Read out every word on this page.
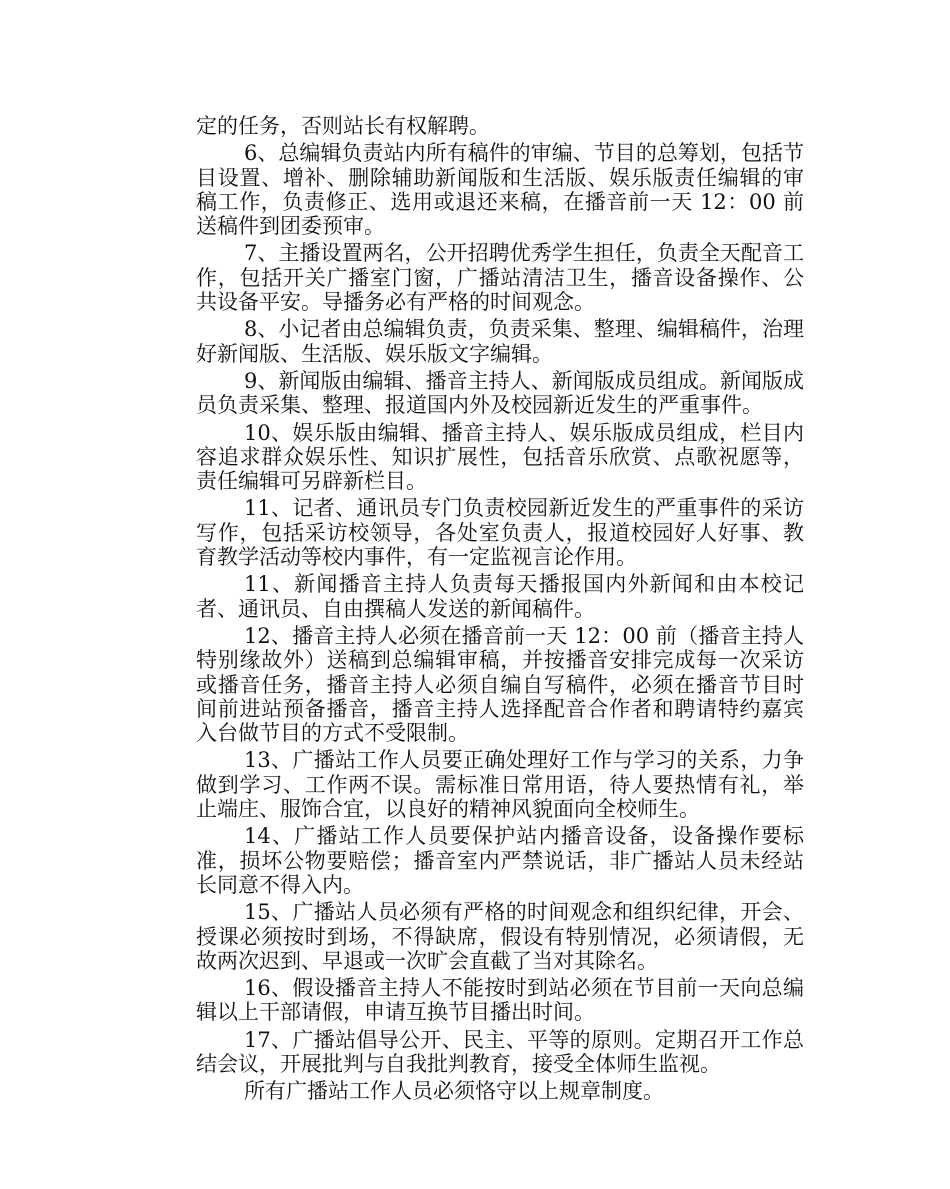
定的任务，否则站长有权解聘。

6、总编辑负责站内所有稿件的审编、节目的总筹划，包括节目设置、增补、删除辅助新闻版和生活版、娱乐版责任编辑的审稿工作，负责修正、选用或退还来稿，在播音前一天 12：00 前送稿件到团委预审。

7、主播设置两名，公开招聘优秀学生担任，负责全天配音工作，包括开关广播室门窗，广播站清洁卫生，播音设备操作、公共设备平安。导播务必有严格的时间观念。

8、小记者由总编辑负责，负责采集、整理、编辑稿件，治理好新闻版、生活版、娱乐版文字编辑。

9、新闻版由编辑、播音主持人、新闻版成员组成。新闻版成员负责采集、整理、报道国内外及校园新近发生的严重事件。

10、娱乐版由编辑、播音主持人、娱乐版成员组成，栏目内容追求群众娱乐性、知识扩展性，包括音乐欣赏、点歌祝愿等，责任编辑可另辟新栏目。

11、记者、通讯员专门负责校园新近发生的严重事件的采访写作，包括采访校领导，各处室负责人，报道校园好人好事、教育教学活动等校内事件，有一定监视言论作用。

11、新闻播音主持人负责每天播报国内外新闻和由本校记者、通讯员、自由撰稿人发送的新闻稿件。

12、播音主持人必须在播音前一天 12：00 前（播音主持人特别缘故外）送稿到总编辑审稿，并按播音安排完成每一次采访或播音任务，播音主持人必须自编自写稿件，必须在播音节目时间前进站预备播音，播音主持人选择配音合作者和聘请特约嘉宾入台做节目的方式不受限制。

13、广播站工作人员要正确处理好工作与学习的关系，力争做到学习、工作两不误。需标准日常用语，待人要热情有礼，举止端庄、服饰合宜，以良好的精神风貌面向全校师生。

14、广播站工作人员要保护站内播音设备，设备操作要标准，损坏公物要赔偿；播音室内严禁说话，非广播站人员未经站长同意不得入内。

15、广播站人员必须有严格的时间观念和组织纪律，开会、授课必须按时到场，不得缺席，假设有特别情况，必须请假，无故两次迟到、早退或一次旷会直截了当对其除名。

16、假设播音主持人不能按时到站必须在节目前一天向总编辑以上干部请假，申请互换节目播出时间。

17、广播站倡导公开、民主、平等的原则。定期召开工作总结会议，开展批判与自我批判教育，接受全体师生监视。

所有广播站工作人员必须恪守以上规章制度。
